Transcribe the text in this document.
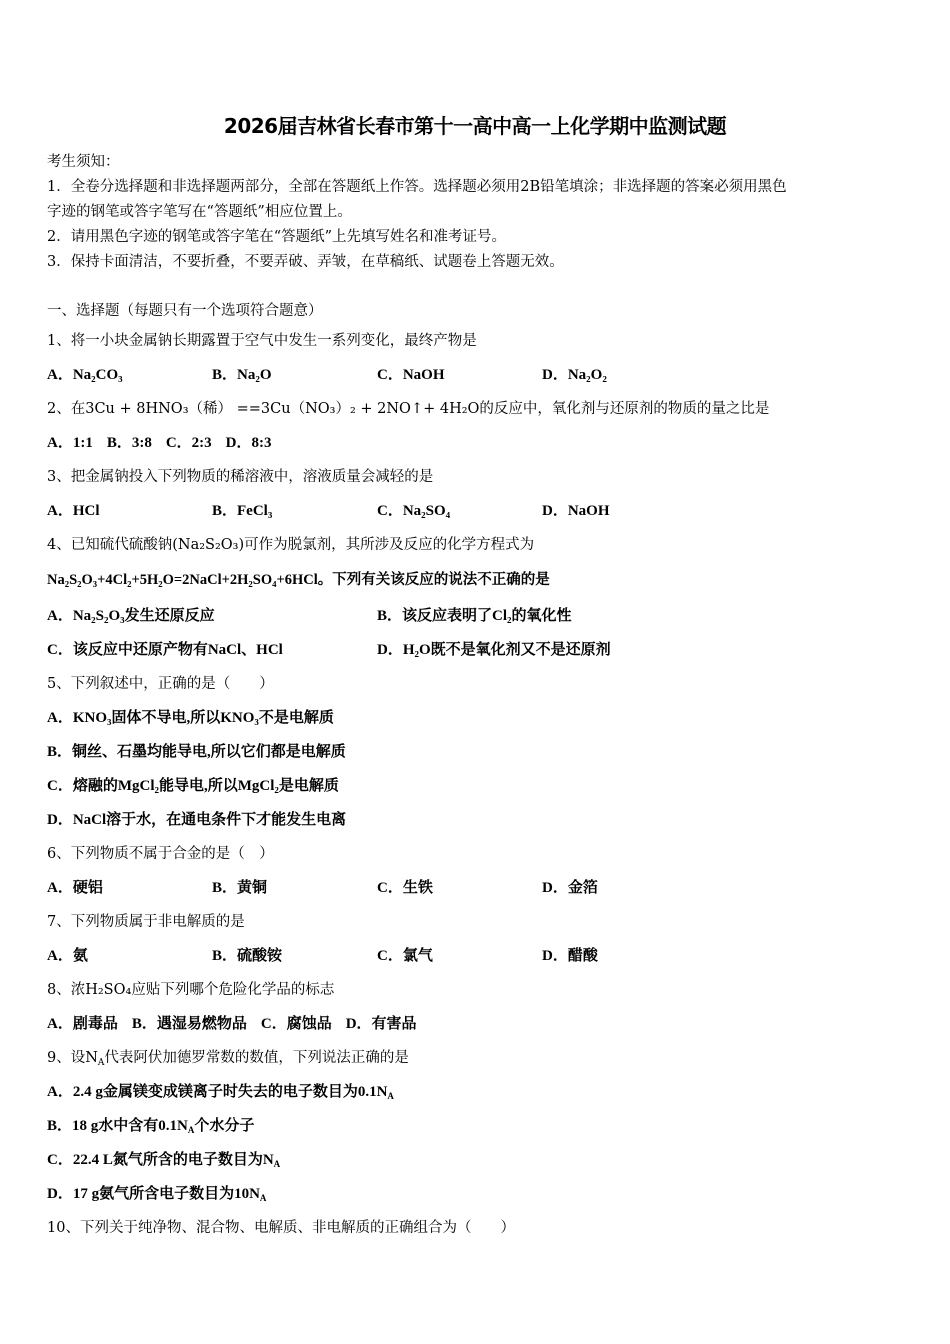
2026届吉林省长春市第十一高中高一上化学期中监测试题
考生须知：
1．全卷分选择题和非选择题两部分，全部在答题纸上作答。选择题必须用2B铅笔填涂；非选择题的答案必须用黑色
字迹的钢笔或答字笔写在“答题纸”相应位置上。
2．请用黑色字迹的钢笔或答字笔在“答题纸”上先填写姓名和准考证号。
3．保持卡面清洁，不要折叠，不要弄破、弄皱，在草稿纸、试题卷上答题无效。
一、选择题（每题只有一个选项符合题意）
1、将一小块金属钠长期露置于空气中发生一系列变化，最终产物是
A．Na₂CO₃	B．Na₂O	C．NaOH	D．Na₂O₂
2、在3Cu + 8HNO₃（稀） ==3Cu（NO₃）₂ + 2NO↑+ 4H₂O的反应中，氧化剂与还原剂的物质的量之比是
A．1:1 B．3:8 C．2:3 D．8:3
3、把金属钠投入下列物质的稀溶液中，溶液质量会减轻的是
A．HCl	B．FeCl₃	C．Na₂SO₄	D．NaOH
4、已知硫代硫酸钠(Na₂S₂O₃)可作为脱氯剂，其所涉及反应的化学方程式为
Na₂S₂O₃+4Cl₂+5H₂O=2NaCl+2H₂SO₄+6HCl。下列有关该反应的说法不正确的是
A．Na₂S₂O₃发生还原反应	B．该反应表明了Cl₂的氧化性
C．该反应中还原产物有NaCl、HCl	D．H₂O既不是氧化剂又不是还原剂
5、下列叙述中，正确的是（　　）
A．KNO₃固体不导电,所以KNO₃不是电解质
B．铜丝、石墨均能导电,所以它们都是电解质
C．熔融的MgCl₂能导电,所以MgCl₂是电解质
D．NaCl溶于水，在通电条件下才能发生电离
6、下列物质不属于合金的是（　）
A．硬铝	B．黄铜	C．生铁	D．金箔
7、下列物质属于非电解质的是
A．氨	B．硫酸铵	C．氯气	D．醋酸
8、浓H₂SO₄应贴下列哪个危险化学品的标志
A．剧毒品 B．遇湿易燃物品 C．腐蚀品 D．有害品
9、设$N_A$代表阿伏加德罗常数的数值，下列说法正确的是
A．2.4 g金属镁变成镁离子时失去的电子数目为$0.1N_A$
B．18 g水中含有$0.1N_A$个水分子
C．22.4 L氮气所含的电子数目为$N_A$
D．17 g氨气所含电子数目为$10N_A$
10、下列关于纯净物、混合物、电解质、非电解质的正确组合为（　　）
